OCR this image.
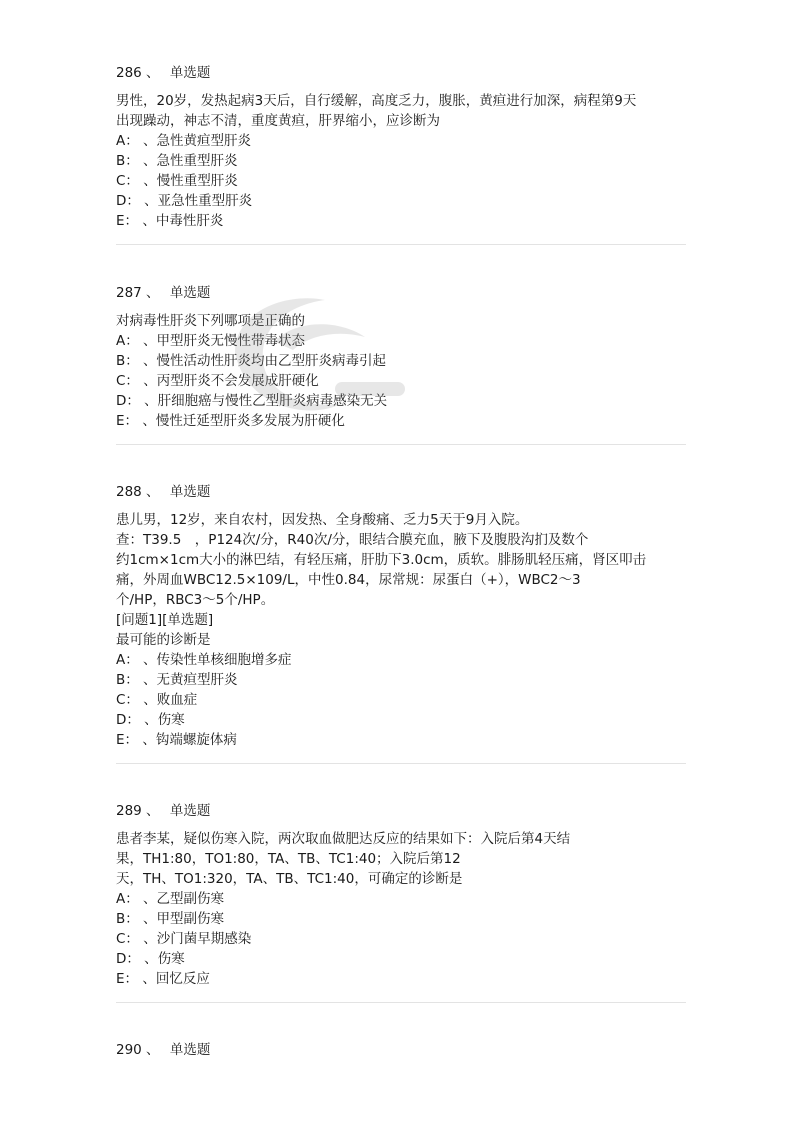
286 、 单选题
男性，20岁，发热起病3天后，自行缓解，高度乏力，腹胀，黄疸进行加深，病程第9天
出现躁动，神志不清，重度黄疸，肝界缩小，应诊断为
A： 、急性黄疸型肝炎
B： 、急性重型肝炎
C： 、慢性重型肝炎
D： 、亚急性重型肝炎
E： 、中毒性肝炎
287 、 单选题
对病毒性肝炎下列哪项是正确的
A： 、甲型肝炎无慢性带毒状态
B： 、慢性活动性肝炎均由乙型肝炎病毒引起
C： 、丙型肝炎不会发展成肝硬化
D： 、肝细胞癌与慢性乙型肝炎病毒感染无关
E： 、慢性迁延型肝炎多发展为肝硬化
288 、 单选题
患儿男，12岁，来自农村，因发热、全身酸痛、乏力5天于9月入院。
查：T39.5　，P124次/分，R40次/分，眼结合膜充血，腋下及腹股沟扪及数个
约1cm×1cm大小的淋巴结，有轻压痛，肝肋下3.0cm，质软。腓肠肌轻压痛，肾区叩击
痛，外周血WBC12.5×109/L，中性0.84，尿常规：尿蛋白（+），WBC2～3
个/HP，RBC3～5个/HP。
[问题1][单选题]
最可能的诊断是
A： 、传染性单核细胞增多症
B： 、无黄疸型肝炎
C： 、败血症
D： 、伤寒
E： 、钩端螺旋体病
289 、 单选题
患者李某，疑似伤寒入院，两次取血做肥达反应的结果如下：入院后第4天结
果，TH1:80，TO1:80，TA、TB、TC1:40；入院后第12
天，TH、TO1:320，TA、TB、TC1:40，可确定的诊断是
A： 、乙型副伤寒
B： 、甲型副伤寒
C： 、沙门菌早期感染
D： 、伤寒
E： 、回忆反应
290 、 单选题
